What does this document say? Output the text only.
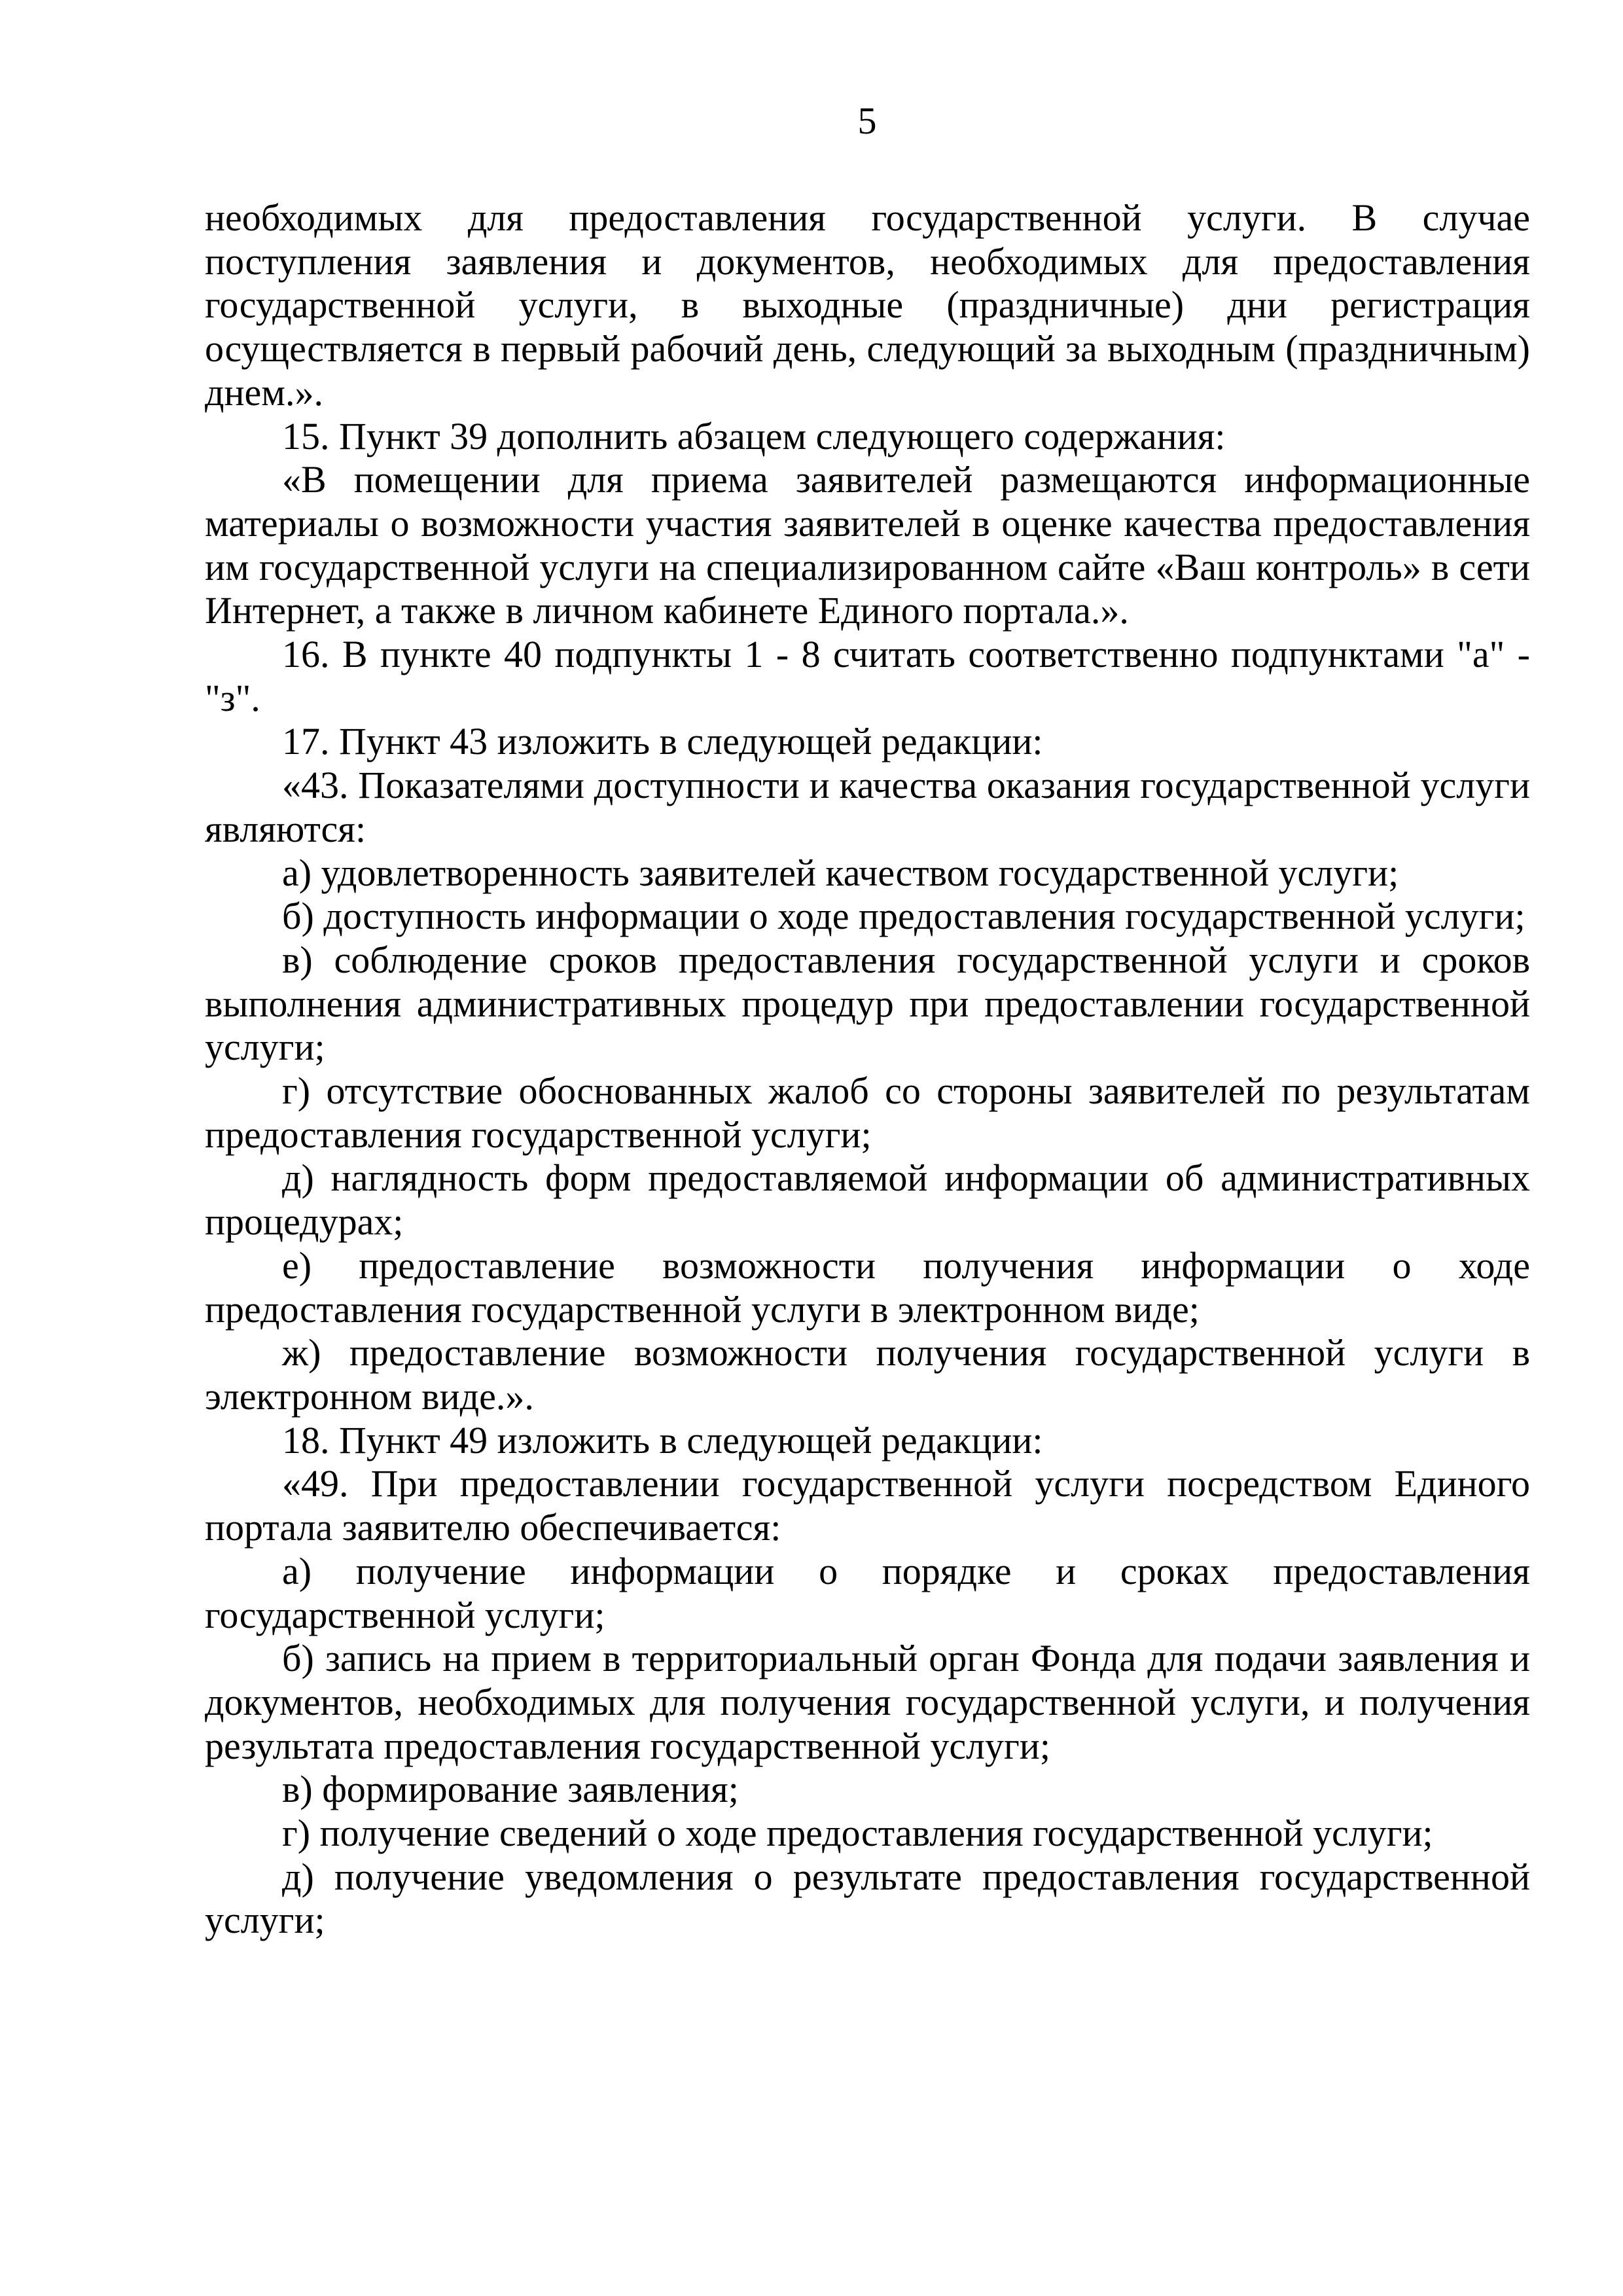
5

необходимых для предоставления государственной услуги. В случае поступления заявления и документов, необходимых для предоставления государственной услуги, в выходные (праздничные) дни регистрация осуществляется в первый рабочий день, следующий за выходным (праздничным) днем.».

15. Пункт 39 дополнить абзацем следующего содержания:

«В помещении для приема заявителей размещаются информационные материалы о возможности участия заявителей в оценке качества предоставления им государственной услуги на специализированном сайте «Ваш контроль» в сети Интернет, а также в личном кабинете Единого портала.».

16. В пункте 40 подпункты 1 - 8 считать соответственно подпунктами "а" - "з".

17. Пункт 43 изложить в следующей редакции:

«43. Показателями доступности и качества оказания государственной услуги являются:

а) удовлетворенность заявителей качеством государственной услуги;

б) доступность информации о ходе предоставления государственной услуги;

в) соблюдение сроков предоставления государственной услуги и сроков выполнения административных процедур при предоставлении государственной услуги;

г) отсутствие обоснованных жалоб со стороны заявителей по результатам предоставления государственной услуги;

д) наглядность форм предоставляемой информации об административных процедурах;

е) предоставление возможности получения информации о ходе предоставления государственной услуги в электронном виде;

ж) предоставление возможности получения государственной услуги в электронном виде.».

18. Пункт 49 изложить в следующей редакции:

«49. При предоставлении государственной услуги посредством Единого портала заявителю обеспечивается:

а) получение информации о порядке и сроках предоставления государственной услуги;

б) запись на прием в территориальный орган Фонда для подачи заявления и документов, необходимых для получения государственной услуги, и получения результата предоставления государственной услуги;

в) формирование заявления;

г) получение сведений о ходе предоставления государственной услуги;

д) получение уведомления о результате предоставления государственной услуги;
